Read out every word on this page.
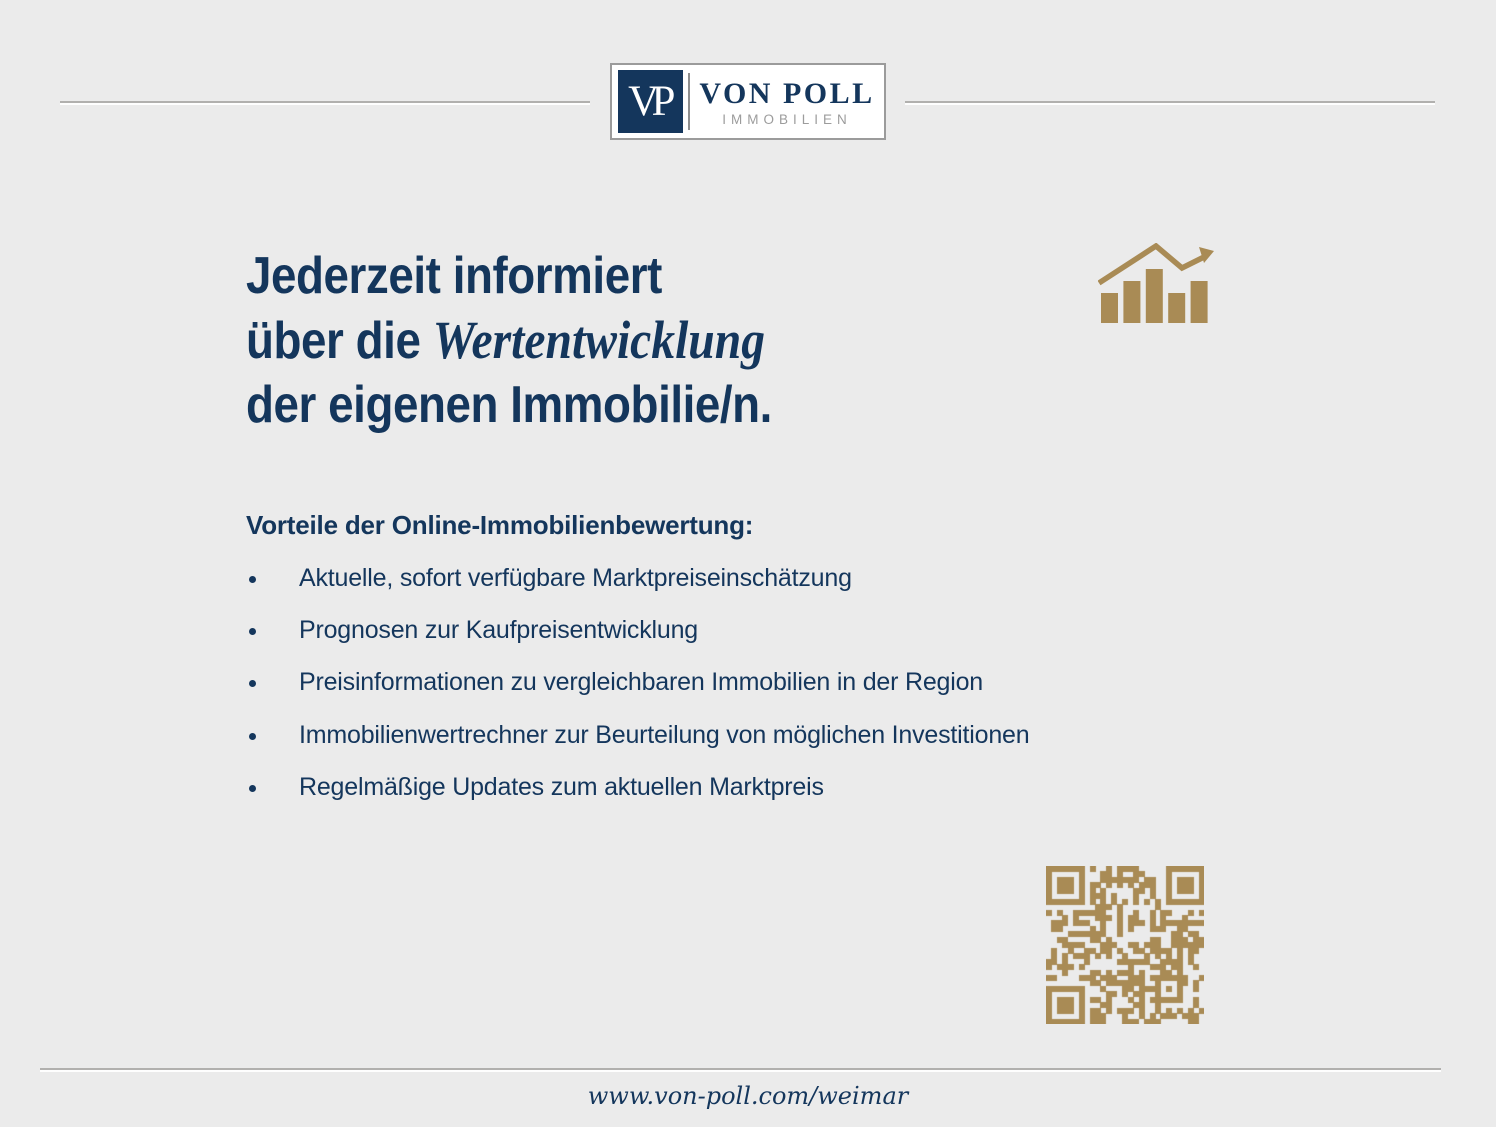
VP	VON POLL
IMMOBILIEN
Jederzeit informiert
über die Wertentwicklung
der eigenen Immobilie/n.
Vorteile der Online-Immobilienbewertung:
Aktuelle, sofort verfügbare Marktpreiseinschätzung
Prognosen zur Kaufpreisentwicklung
Preisinformationen zu vergleichbaren Immobilien in der Region
Immobilienwertrechner zur Beurteilung von möglichen Investitionen
Regelmäßige Updates zum aktuellen Marktpreis
www.von-poll.com/weimar
